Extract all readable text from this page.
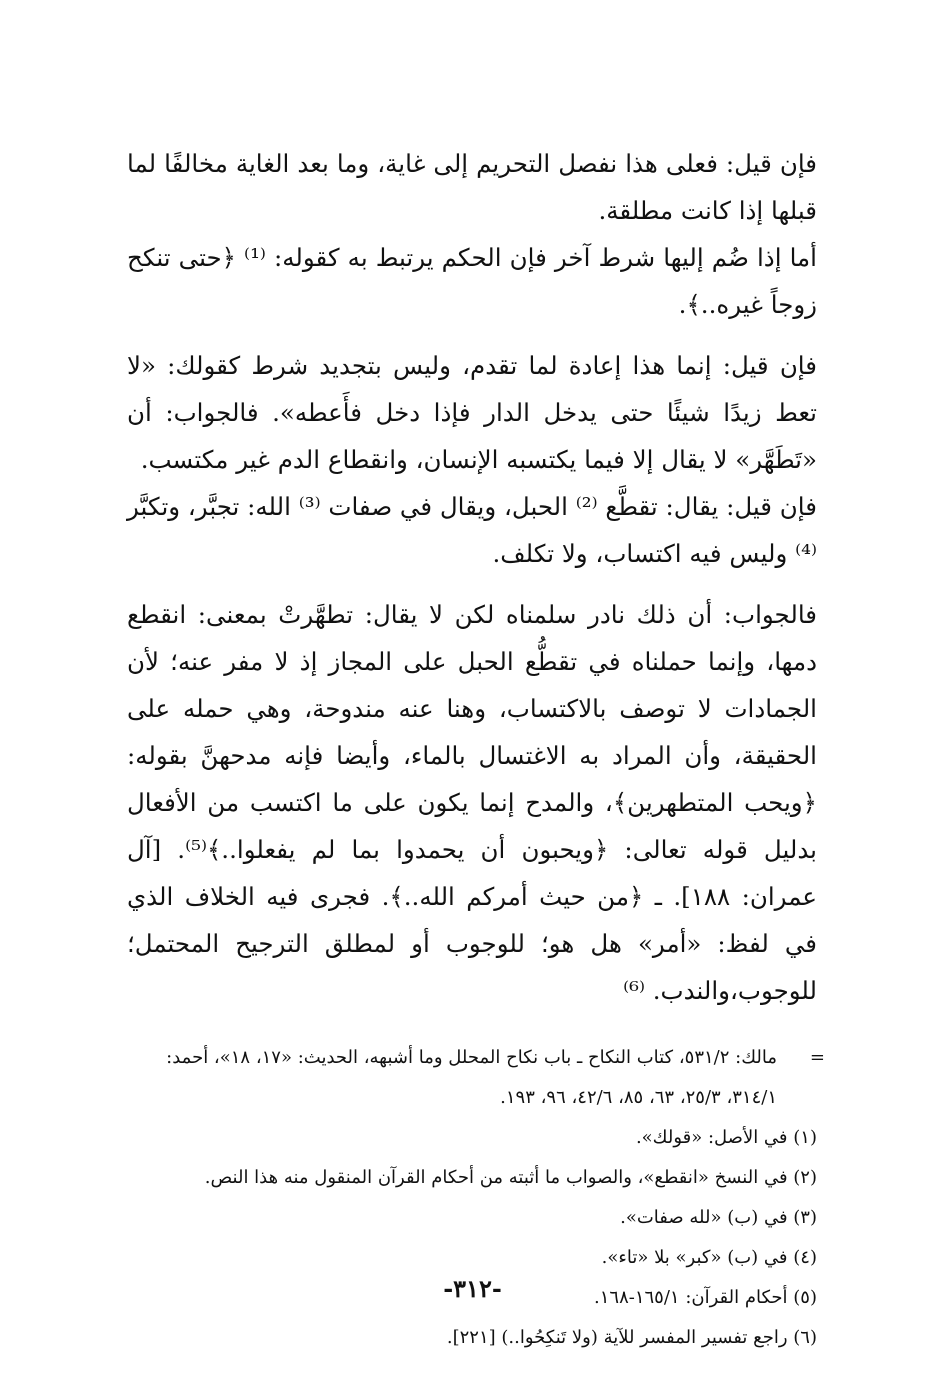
فإن قيل: فعلى هذا نفصل التحريم إلى غاية، وما بعد الغاية مخالفًا لما قبلها إذا كانت مطلقة.

أما إذا ضُم إليها شرط آخر فإن الحكم يرتبط به كقوله: ⁽¹⁾ ﴿حتى تنكح زوجاً غيره..﴾.

فإن قيل: إنما هذا إعادة لما تقدم، وليس بتجديد شرط كقولك: «لا تعط زيدًا شيئًا حتى يدخل الدار فإذا دخل فأَعطه». فالجواب: أن «تَطَهَّر» لا يقال إلا فيما يكتسبه الإنسان، وانقطاع الدم غير مكتسب.

فإن قيل: يقال: تقطَّع ⁽²⁾ الحبل، ويقال في صفات ⁽³⁾ الله: تجبَّر، وتكبَّر ⁽⁴⁾ وليس فيه اكتساب، ولا تكلف.

فالجواب: أن ذلك نادر سلمناه لكن لا يقال: تطهَّرتْ بمعنى: انقطع دمها، وإنما حملناه في تقطُّع الحبل على المجاز إذ لا مفر عنه؛ لأن الجمادات لا توصف بالاكتساب، وهنا عنه مندوحة، وهي حمله على الحقيقة، وأن المراد به الاغتسال بالماء، وأيضا فإنه مدحهنَّ بقوله: ﴿ويحب المتطهرين﴾، والمدح إنما يكون على ما اكتسب من الأفعال بدليل قوله تعالى: ﴿ويحبون أن يحمدوا بما لم يفعلوا..﴾⁽⁵⁾. [آل عمران: ١٨٨]. ـ ﴿من حيث أمركم الله..﴾. فجرى فيه الخلاف الذي في لفظ: «أمر» هل هو؛ للوجوب أو لمطلق الترجيح المحتمل؛ للوجوب،والندب. ⁽⁶⁾

=
مالك: ٥٣١/٢، كتاب النكاح ـ باب نكاح المحلل وما أشبهه، الحديث: «١٧، ١٨»، أحمد: ٣١٤/١، ٢٥/٣، ٦٣، ٨٥، ٤٢/٦، ٩٦، ١٩٣.
(١) في الأصل: «قولك».
(٢) في النسخ «انقطع»، والصواب ما أثبته من أحكام القرآن المنقول منه هذا النص.
(٣) في (ب) «لله صفات».
(٤) في (ب) «كبر» بلا «تاء».
(٥) أحكام القرآن: ١٦٥/١-١٦٨.
(٦) راجع تفسير المفسر للآية (ولا تَنكِحُوا..) [٢٢١].
-٣١٢-
